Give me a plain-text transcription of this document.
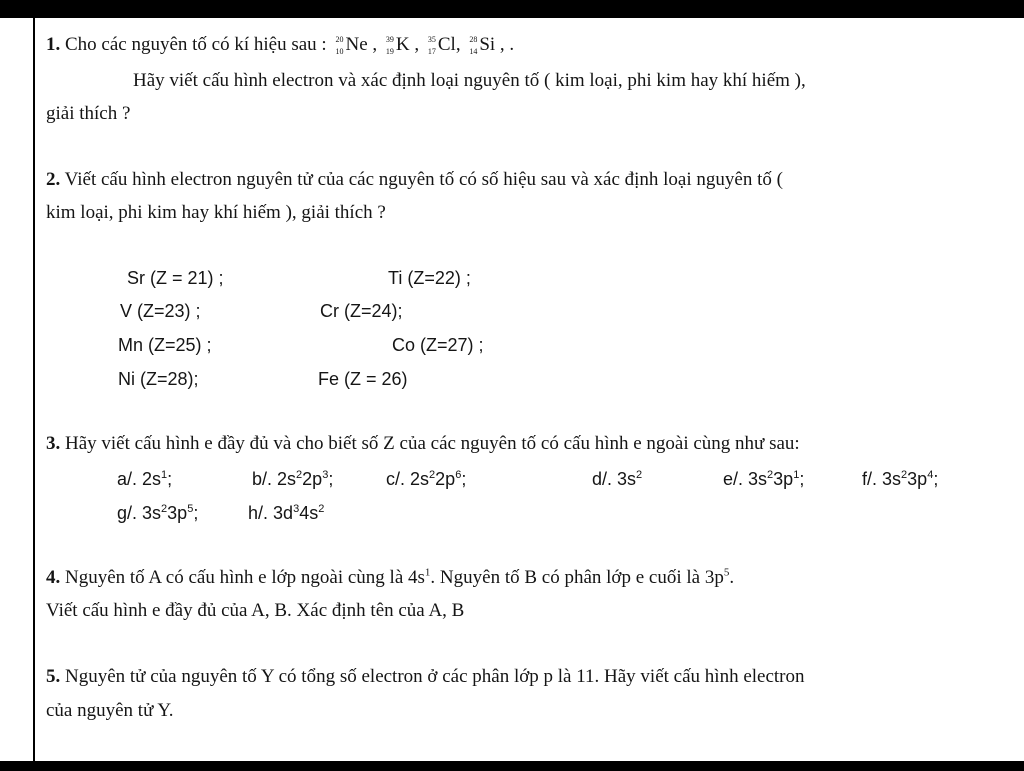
1. Cho các nguyên tố có kí hiệu sau : 20
10 Ne , 39
19 K , 35
17 Cl, 28
14 Si , .
Hãy viết cấu hình electron và xác định loại nguyên tố ( kim loại, phi kim hay khí hiếm ),
giải thích ?
2. Viết cấu hình electron nguyên tử của các nguyên tố có số hiệu sau và xác định loại nguyên tố (
kim loại, phi kim hay khí hiếm ), giải thích ?
Sr (Z = 21) ;	Ti (Z=22) ;
V (Z=23) ;	Cr (Z=24);
Mn (Z=25) ;	Co (Z=27) ;
Ni (Z=28);	Fe (Z = 26)
3. Hãy viết cấu hình e đầy đủ và cho biết số Z của các nguyên tố có cấu hình e ngoài cùng như sau:
a/. $2s^1$;	b/. $2s^22p^3$;	c/. $2s^22p^6$;	d/. $3s^2$	e/. $3s^23p^1$;	f/. $3s^23p^4$;
g/. $3s^23p^5$;	h/. $3d^34s^2$
4. Nguyên tố A có cấu hình e lớp ngoài cùng là $4s^1$. Nguyên tố B có phân lớp e cuối là $3p^5$.
Viết cấu hình e đầy đủ của A, B. Xác định tên của A, B
5. Nguyên tử của nguyên tố Y có tổng số electron ở các phân lớp p là 11. Hãy viết cấu hình electron
của nguyên tử Y.
